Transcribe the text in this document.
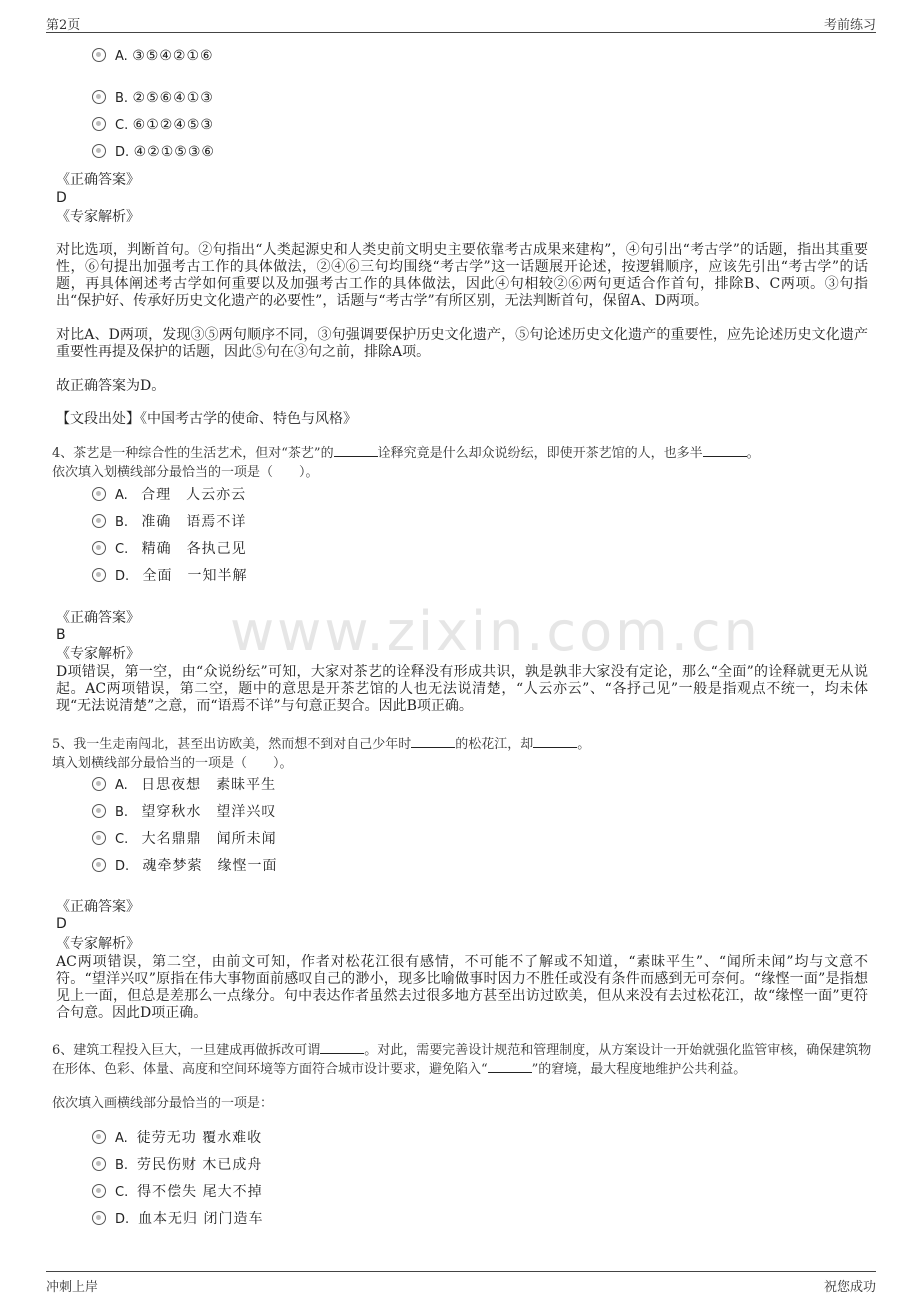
第2页	考前练习
www.zixin.com.cn
A. ③⑤④②①⑥
B. ②⑤⑥④①③
C. ⑥①②④⑤③
D. ④②①⑤③⑥
《正确答案》
D
《专家解析》
对比选项，判断首句。②句指出“人类起源史和人类史前文明史主要依靠考古成果来建构”，④句引出“考古学”的话题，指出其重要性，⑥句提出加强考古工作的具体做法，②④⑥三句均围绕“考古学”这一话题展开论述，按逻辑顺序，应该先引出“考古学”的话题，再具体阐述考古学如何重要以及加强考古工作的具体做法，因此④句相较②⑥两句更适合作首句，排除B、C两项。③句指出“保护好、传承好历史文化遗产的必要性”，话题与“考古学”有所区别，无法判断首句，保留A、D两项。
对比A、D两项，发现③⑤两句顺序不同，③句强调要保护历史文化遗产，⑤句论述历史文化遗产的重要性，应先论述历史文化遗产重要性再提及保护的话题，因此⑤句在③句之前，排除A项。
故正确答案为D。
【文段出处】《中国考古学的使命、特色与风格》
4、茶艺是一种综合性的生活艺术，但对“茶艺”的	诠释究竟是什么却众说纷纭，即使开茶艺馆的人，也多半	。
依次填入划横线部分最恰当的一项是（　　）。
A. 合理　人云亦云
B. 准确　语焉不详
C. 精确　各执己见
D. 全面　一知半解
《正确答案》
B
《专家解析》
D项错误，第一空，由“众说纷纭”可知，大家对茶艺的诠释没有形成共识，孰是孰非大家没有定论，那么“全面”的诠释就更无从说起。AC两项错误，第二空，题中的意思是开茶艺馆的人也无法说清楚，“人云亦云”、“各抒己见”一般是指观点不统一，均未体现“无法说清楚”之意，而“语焉不详”与句意正契合。因此B项正确。
5、我一生走南闯北，甚至出访欧美，然而想不到对自己少年时	的松花江，却	。
填入划横线部分最恰当的一项是（　　）。
A. 日思夜想　素昧平生
B. 望穿秋水　望洋兴叹
C. 大名鼎鼎　闻所未闻
D. 魂牵梦萦　缘悭一面
《正确答案》
D
《专家解析》
AC两项错误，第二空，由前文可知，作者对松花江很有感情，不可能不了解或不知道，“素昧平生”、“闻所未闻”均与文意不符。“望洋兴叹”原指在伟大事物面前感叹自己的渺小，现多比喻做事时因力不胜任或没有条件而感到无可奈何。“缘悭一面”是指想见上一面，但总是差那么一点缘分。句中表达作者虽然去过很多地方甚至出访过欧美，但从来没有去过松花江，故“缘悭一面”更符合句意。因此D项正确。
6、建筑工程投入巨大，一旦建成再做拆改可谓	。对此，需要完善设计规范和管理制度，从方案设计一开始就强化监管审核，确保建筑物在形体、色彩、体量、高度和空间环境等方面符合城市设计要求，避免陷入“	”的窘境，最大程度地维护公共利益。
依次填入画横线部分最恰当的一项是：
A. 徒劳无功 覆水难收
B. 劳民伤财 木已成舟
C. 得不偿失 尾大不掉
D. 血本无归 闭门造车
冲刺上岸	祝您成功
